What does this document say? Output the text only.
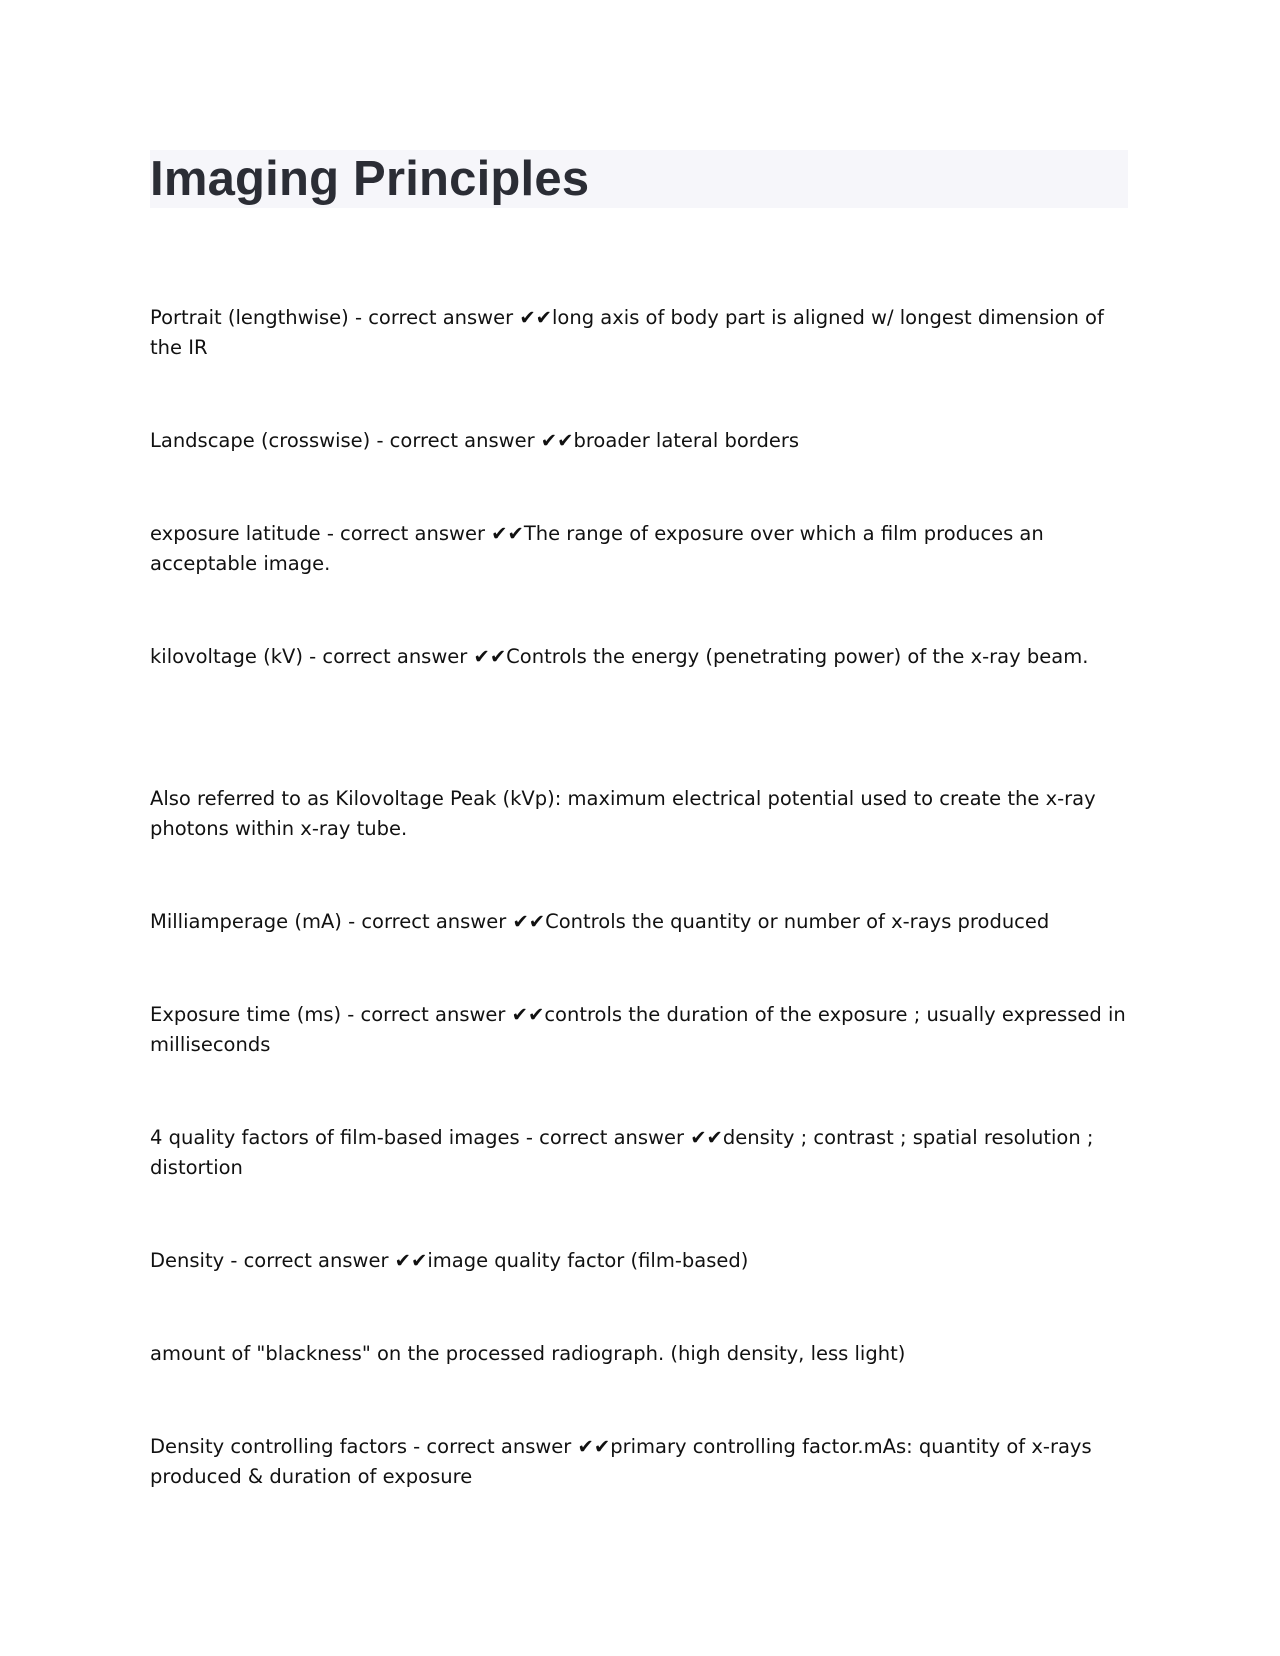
Imaging Principles

Portrait (lengthwise) - correct answer ✔✔long axis of body part is aligned w/ longest dimension of the IR

Landscape (crosswise) - correct answer ✔✔broader lateral borders

exposure latitude - correct answer ✔✔The range of exposure over which a film produces an acceptable image.

kilovoltage (kV) - correct answer ✔✔Controls the energy (penetrating power) of the x-ray beam.

Also referred to as Kilovoltage Peak (kVp): maximum electrical potential used to create the x-ray photons within x-ray tube.

Milliamperage (mA) - correct answer ✔✔Controls the quantity or number of x-rays produced

Exposure time (ms) - correct answer ✔✔controls the duration of the exposure ; usually expressed in milliseconds

4 quality factors of film-based images - correct answer ✔✔density ; contrast ; spatial resolution ; distortion

Density - correct answer ✔✔image quality factor (film-based)

amount of "blackness" on the processed radiograph. (high density, less light)

Density controlling factors - correct answer ✔✔primary controlling factor.mAs: quantity of x-rays produced & duration of exposure
